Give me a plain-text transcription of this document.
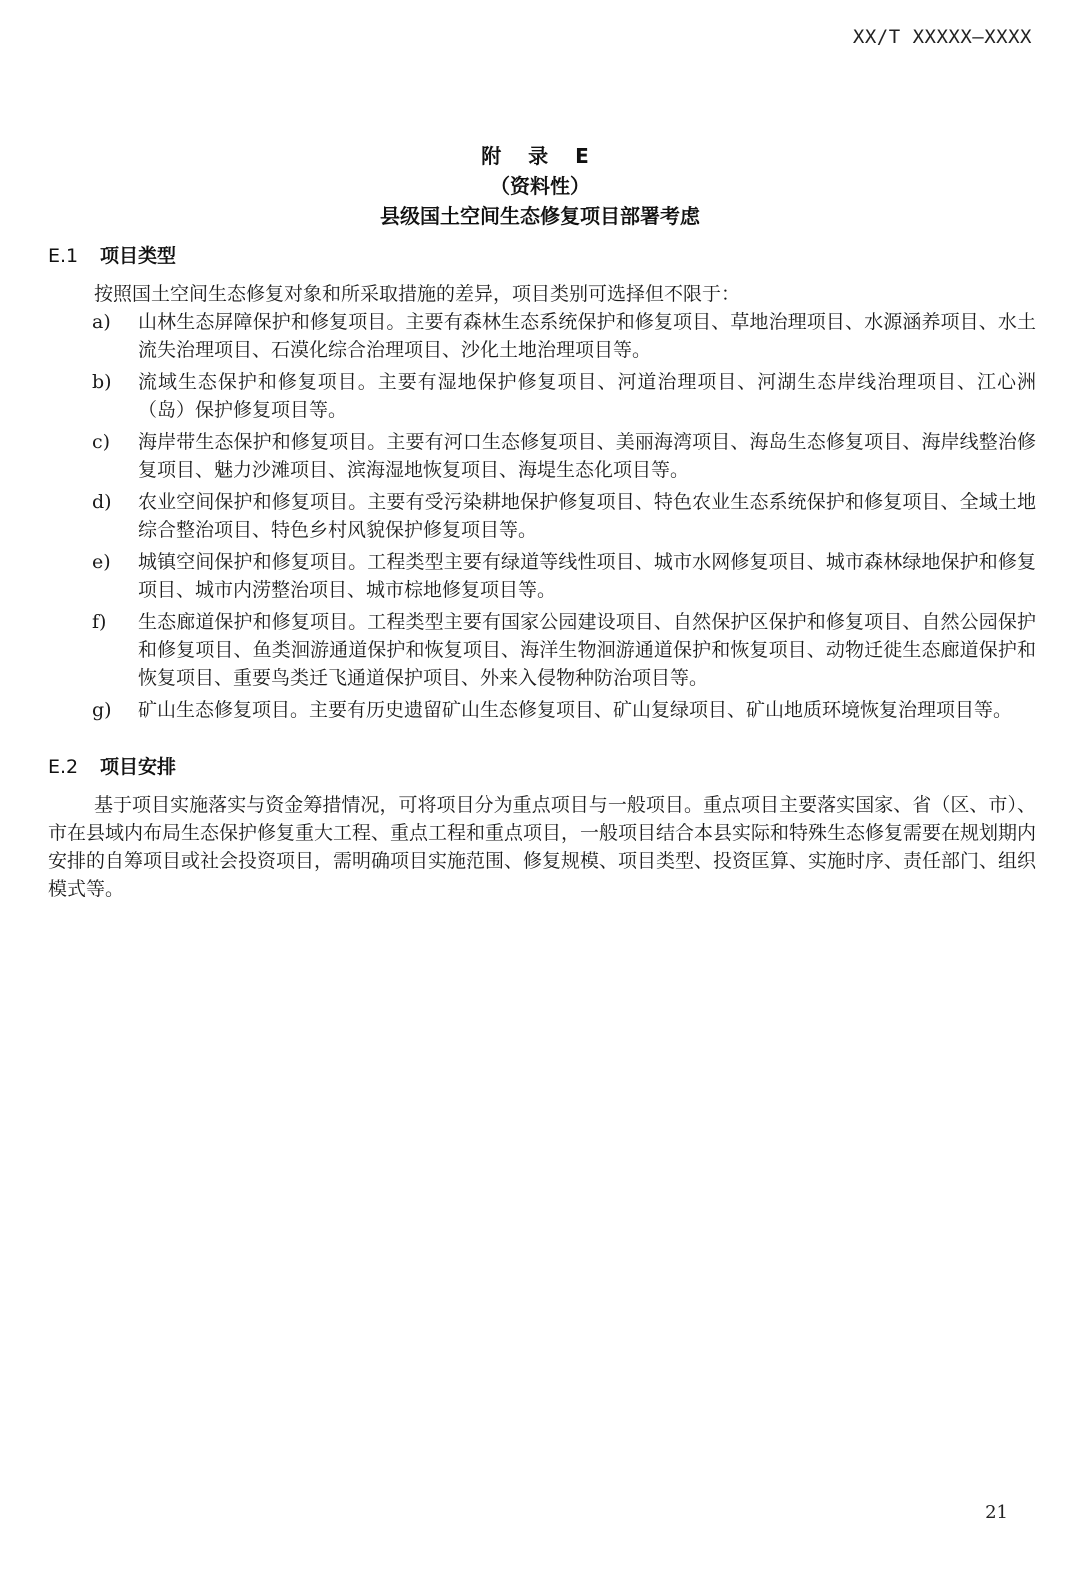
XX/T XXXXX—XXXX
附 录 E
（资料性）
县级国土空间生态修复项目部署考虑
E.1 项目类型
按照国土空间生态修复对象和所采取措施的差异，项目类别可选择但不限于：
a) 山林生态屏障保护和修复项目。主要有森林生态系统保护和修复项目、草地治理项目、水源涵养项目、水土流失治理项目、石漠化综合治理项目、沙化土地治理项目等。
b) 流域生态保护和修复项目。主要有湿地保护修复项目、河道治理项目、河湖生态岸线治理项目、江心洲（岛）保护修复项目等。
c) 海岸带生态保护和修复项目。主要有河口生态修复项目、美丽海湾项目、海岛生态修复项目、海岸线整治修复项目、魅力沙滩项目、滨海湿地恢复项目、海堤生态化项目等。
d) 农业空间保护和修复项目。主要有受污染耕地保护修复项目、特色农业生态系统保护和修复项目、全域土地综合整治项目、特色乡村风貌保护修复项目等。
e) 城镇空间保护和修复项目。工程类型主要有绿道等线性项目、城市水网修复项目、城市森林绿地保护和修复项目、城市内涝整治项目、城市棕地修复项目等。
f) 生态廊道保护和修复项目。工程类型主要有国家公园建设项目、自然保护区保护和修复项目、自然公园保护和修复项目、鱼类洄游通道保护和恢复项目、海洋生物洄游通道保护和恢复项目、动物迁徙生态廊道保护和恢复项目、重要鸟类迁飞通道保护项目、外来入侵物种防治项目等。
g) 矿山生态修复项目。主要有历史遗留矿山生态修复项目、矿山复绿项目、矿山地质环境恢复治理项目等。
E.2 项目安排
基于项目实施落实与资金筹措情况，可将项目分为重点项目与一般项目。重点项目主要落实国家、省（区、市）、市在县域内布局生态保护修复重大工程、重点工程和重点项目，一般项目结合本县实际和特殊生态修复需要在规划期内安排的自筹项目或社会投资项目，需明确项目实施范围、修复规模、项目类型、投资匡算、实施时序、责任部门、组织模式等。
21
